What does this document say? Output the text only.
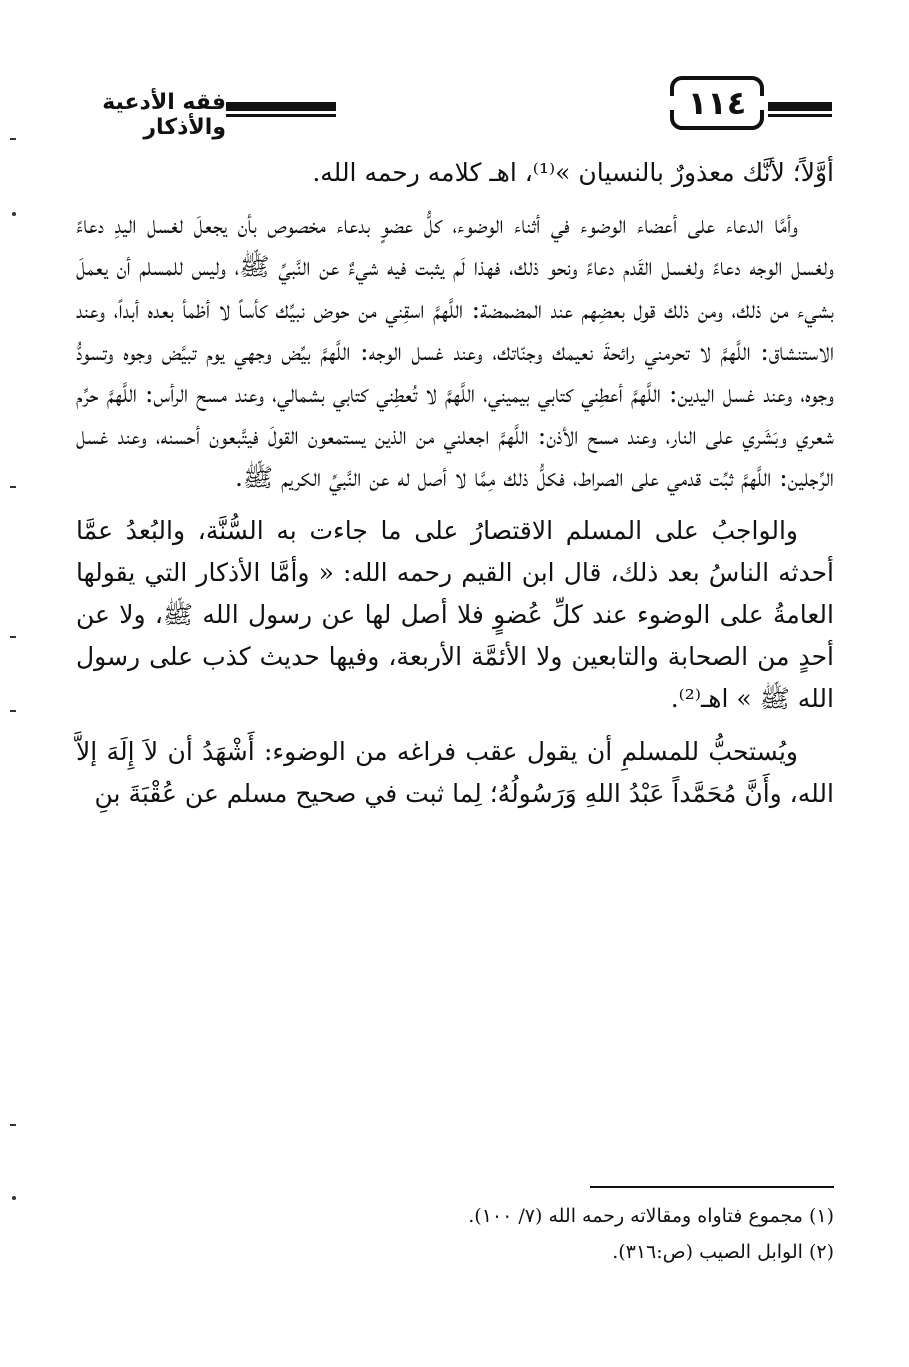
فقه الأدعية والأذكار
١١٤

أوَّلاً؛ لأنَّك معذورٌ بالنسيان »⁽¹⁾، اهـ كلامه رحمه الله.

وأمَّا الدعاء على أعضاء الوضوء في أثناء الوضوء، كلُّ عضوٍ بدعاء مخصوص بأن يجعلَ لغسل اليدِ دعاءً ولغسل الوجه دعاءً ولغسل القَدم دعاءً ونحو ذلك، فهذا لَم يثبت فيه شيءٌ عن النَّبيِّ ﷺ، وليس للمسلم أن يعملَ بشيء من ذلك، ومن ذلك قول بعضِهم عند المضمضة: اللَّهمَّ اسقِني من حوض نبيِّك كأساً لا أظمأ بعده أبداً، وعند الاستنشاق: اللَّهمَّ لا تحرمني رائحةَ نعيمك وجنّاتك، وعند غسل الوجه: اللَّهمَّ بيِّض وجهي يوم تبيَّض وجوه وتسودُّ وجوه، وعند غسل اليدين: اللَّهمَّ أعطِني كتابي بيميني، اللَّهمَّ لا تُعطِني كتابي بشمالي، وعند مسح الرأس: اللَّهمَّ حرِّم شعري وبَشَري على النار، وعند مسح الأذن: اللَّهمَّ اجعلني من الذين يستمعون القولَ فيتَّبعون أحسنه، وعند غسل الرِّجلين: اللَّهمَّ ثبِّت قدمي على الصراط، فكلُّ ذلك مِمَّا لا أصل له عن النَّبيِّ الكريم ﷺ.

والواجبُ على المسلم الاقتصارُ على ما جاءت به السُّنَّة، والبُعدُ عمَّا أحدثه الناسُ بعد ذلك، قال ابن القيم رحمه الله: « وأمَّا الأذكار التي يقولها العامةُ على الوضوء عند كلِّ عُضوٍ فلا أصل لها عن رسول الله ﷺ، ولا عن أحدٍ من الصحابة والتابعين ولا الأئمَّة الأربعة، وفيها حديث كذب على رسول الله ﷺ » اهـ⁽²⁾.

ويُستحبُّ للمسلمِ أن يقول عقب فراغه من الوضوء: أَشْهَدُ أن لاَ إِلَهَ إلاَّ الله، وأَنَّ مُحَمَّداً عَبْدُ اللهِ وَرَسُولُهُ؛ لِما ثبت في صحيح مسلم عن عُقْبَةَ بنِ

(١) مجموع فتاواه ومقالاته رحمه الله (٧/ ١٠٠).
(٢) الوابل الصيب (ص:٣١٦).
